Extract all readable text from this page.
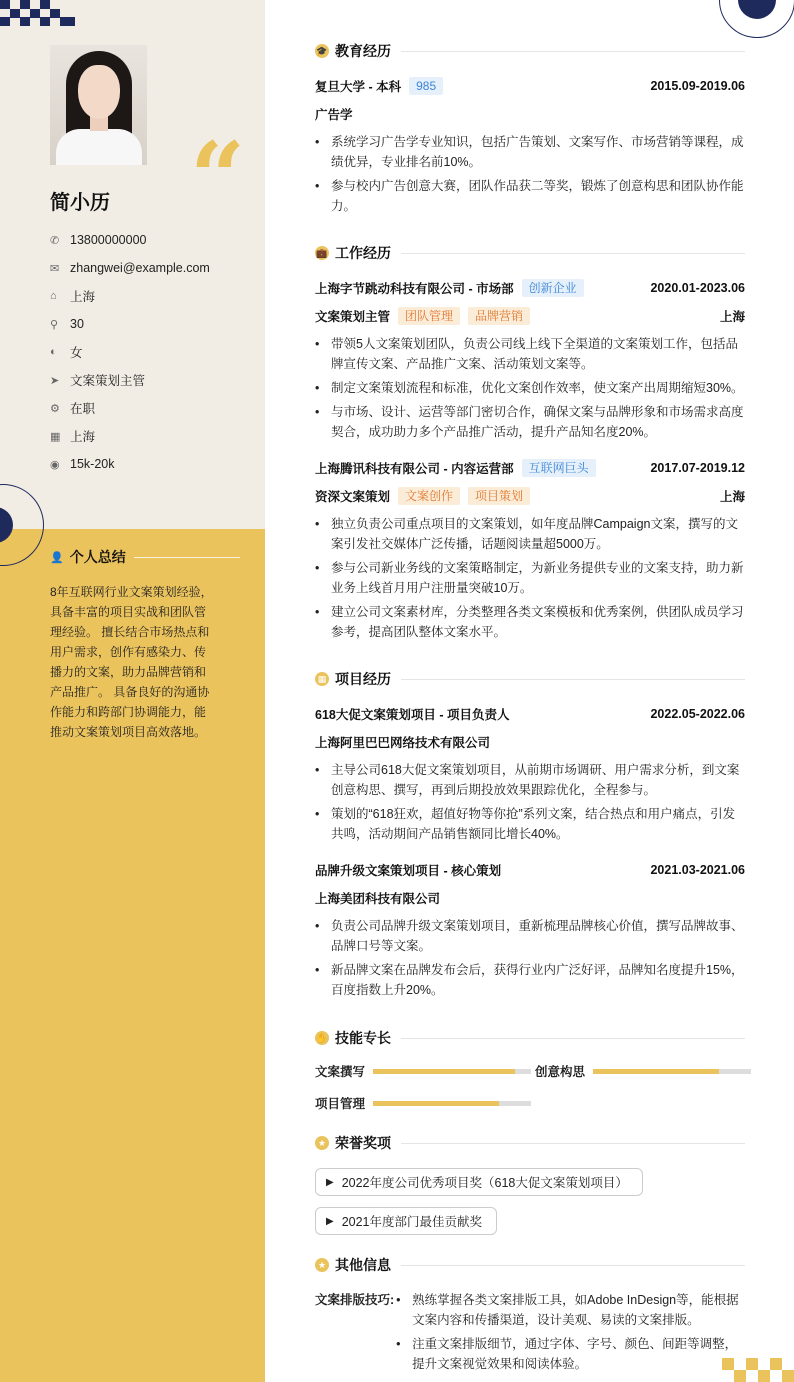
“
简小历
✆ 13800000000
✉ zhangwei@example.com
⌂	上海
⚲ 30
◐	女
➤ 文案策划主管
⚙ 在职
▦ 上海
◉ 15k-20k
👤 个人总结
8年互联网行业文案策划经验，具备丰富的项目实战和团队管理经验。 擅长结合市场热点和用户需求，创作有感染力、传播力的文案，助力品牌营销和产品推广。 具备良好的沟通协作能力和跨部门协调能力，能推动文案策划项目高效落地。
🎓 教育经历
复旦大学 - 本科	985	2015.09-2019.06
广告学
• 系统学习广告学专业知识，包括广告策划、文案写作、市场营销等课程，成绩优异，专业排名前10%。
• 参与校内广告创意大赛，团队作品获二等奖，锻炼了创意构思和团队协作能力。
💼 工作经历
上海字节跳动科技有限公司 - 市场部	创新企业	2020.01-2023.06
文案策划主管	团队管理	品牌营销	上海
• 带领5人文案策划团队，负责公司线上线下全渠道的文案策划工作，包括品牌宣传文案、产品推广文案、活动策划文案等。
• 制定文案策划流程和标准，优化文案创作效率，使文案产出周期缩短30%。
• 与市场、设计、运营等部门密切合作，确保文案与品牌形象和市场需求高度契合，成功助力多个产品推广活动，提升产品知名度20%。
上海腾讯科技有限公司 - 内容运营部	互联网巨头	2017.07-2019.12
资深文案策划	文案创作	项目策划	上海
• 独立负责公司重点项目的文案策划，如年度品牌Campaign文案，撰写的文案引发社交媒体广泛传播，话题阅读量超5000万。
• 参与公司新业务线的文案策略制定，为新业务提供专业的文案支持，助力新业务上线首月用户注册量突破10万。
• 建立公司文案素材库，分类整理各类文案模板和优秀案例，供团队成员学习参考，提高团队整体文案水平。
▦ 项目经历
618大促文案策划项目 - 项目负责人	2022.05-2022.06
上海阿里巴巴网络技术有限公司
• 主导公司618大促文案策划项目，从前期市场调研、用户需求分析，到文案创意构思、撰写，再到后期投放效果跟踪优化，全程参与。
• 策划的“618狂欢，超值好物等你抢”系列文案，结合热点和用户痛点，引发共鸣，活动期间产品销售额同比增长40%。
品牌升级文案策划项目 - 核心策划	2021.03-2021.06
上海美团科技有限公司
• 负责公司品牌升级文案策划项目，重新梳理品牌核心价值，撰写品牌故事、品牌口号等文案。
• 新品牌文案在品牌发布会后，获得行业内广泛好评，品牌知名度提升15%，百度指数上升20%。
✋ 技能专长
文案撰写	创意构思
项目管理
★ 荣誉奖项
▶ 2022年度公司优秀项目奖（618大促文案策划项目）
▶ 2021年度部门最佳贡献奖
★ 其他信息
文案排版技巧:
•	熟练掌握各类文案排版工具，如Adobe InDesign等，能根据文案内容和传播渠道，设计美观、易读的文案排版。
• 注重文案排版细节，通过字体、字号、颜色、间距等调整，提升文案视觉效果和阅读体验。
